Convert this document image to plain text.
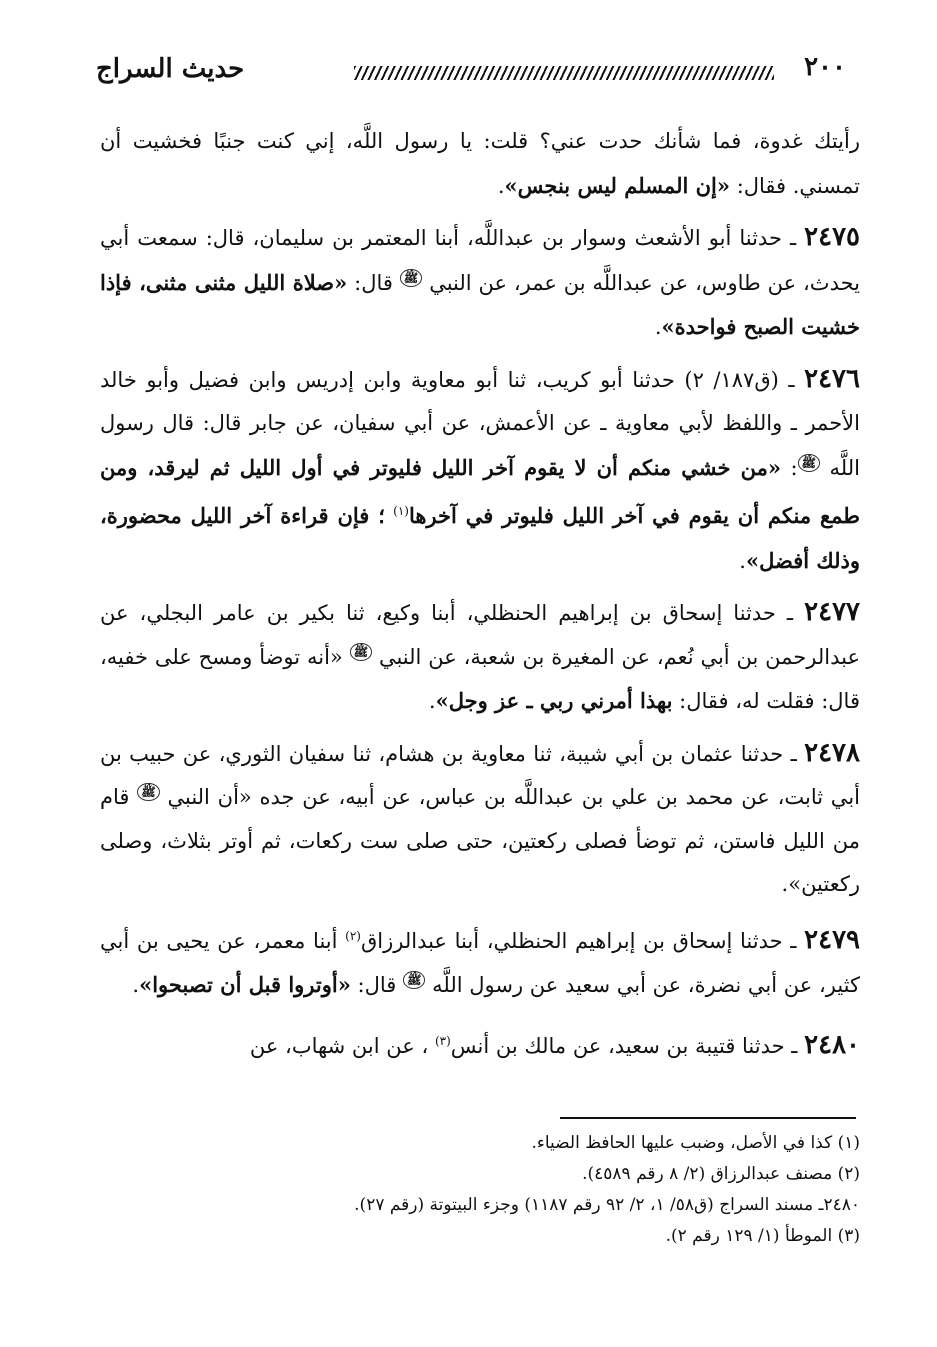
حديث السراج	٢٠٠

رأيتك غدوة، فما شأنك حدت عني؟ قلت: يا رسول اللَّه، إني كنت جنبًا فخشيت أن تمسني. فقال: «إن المسلم ليس بنجس».

٢٤٧٥ ـ حدثنا أبو الأشعث وسوار بن عبداللَّه، أبنا المعتمر بن سليمان، قال: سمعت أبي يحدث، عن طاوس، عن عبداللَّه بن عمر، عن النبي ﷺ قال: «صلاة الليل مثنى مثنى، فإذا خشيت الصبح فواحدة».

٢٤٧٦ ـ (ق١٨٧/ ٢) حدثنا أبو كريب، ثنا أبو معاوية وابن إدريس وابن فضيل وأبو خالد الأحمر ـ واللفظ لأبي معاوية ـ عن الأعمش، عن أبي سفيان، عن جابر قال: قال رسول اللَّه ﷺ: «من خشي منكم أن لا يقوم آخر الليل فليوتر في أول الليل ثم ليرقد، ومن طمع منكم أن يقوم في آخر الليل فليوتر في آخرها$^{(١)}$ ؛ فإن قراءة آخر الليل محضورة، وذلك أفضل».

٢٤٧٧ ـ حدثنا إسحاق بن إبراهيم الحنظلي، أبنا وكيع، ثنا بكير بن عامر البجلي، عن عبدالرحمن بن أبي نُعم، عن المغيرة بن شعبة، عن النبي ﷺ «أنه توضأ ومسح على خفيه، قال: فقلت له، فقال: بهذا أمرني ربي ـ عز وجل».

٢٤٧٨ ـ حدثنا عثمان بن أبي شيبة، ثنا معاوية بن هشام، ثنا سفيان الثوري، عن حبيب بن أبي ثابت، عن محمد بن علي بن عبداللَّه بن عباس، عن أبيه، عن جده «أن النبي ﷺ قام من الليل فاستن، ثم توضأ فصلى ركعتين، حتى صلى ست ركعات، ثم أوتر بثلاث، وصلى ركعتين».

٢٤٧٩ ـ حدثنا إسحاق بن إبراهيم الحنظلي، أبنا عبدالرزاق$^{(٢)}$ أبنا معمر، عن يحيى بن أبي كثير، عن أبي نضرة، عن أبي سعيد عن رسول اللَّه ﷺ قال: «أوتروا قبل أن تصبحوا».

٢٤٨٠ ـ حدثنا قتيبة بن سعيد، عن مالك بن أنس$^{(٣)}$ ، عن ابن شهاب، عن

(١) كذا في الأصل، وضبب عليها الحافظ الضياء.
(٢) مصنف عبدالرزاق (٢/ ٨ رقم ٤٥٨٩).
٢٤٨٠ـ مسند السراج (ق٥٨/ ١، ٢/ ٩٢ رقم ١١٨٧) وجزء البيتوتة (رقم ٢٧).
(٣) الموطأ (١/ ١٢٩ رقم ٢).
